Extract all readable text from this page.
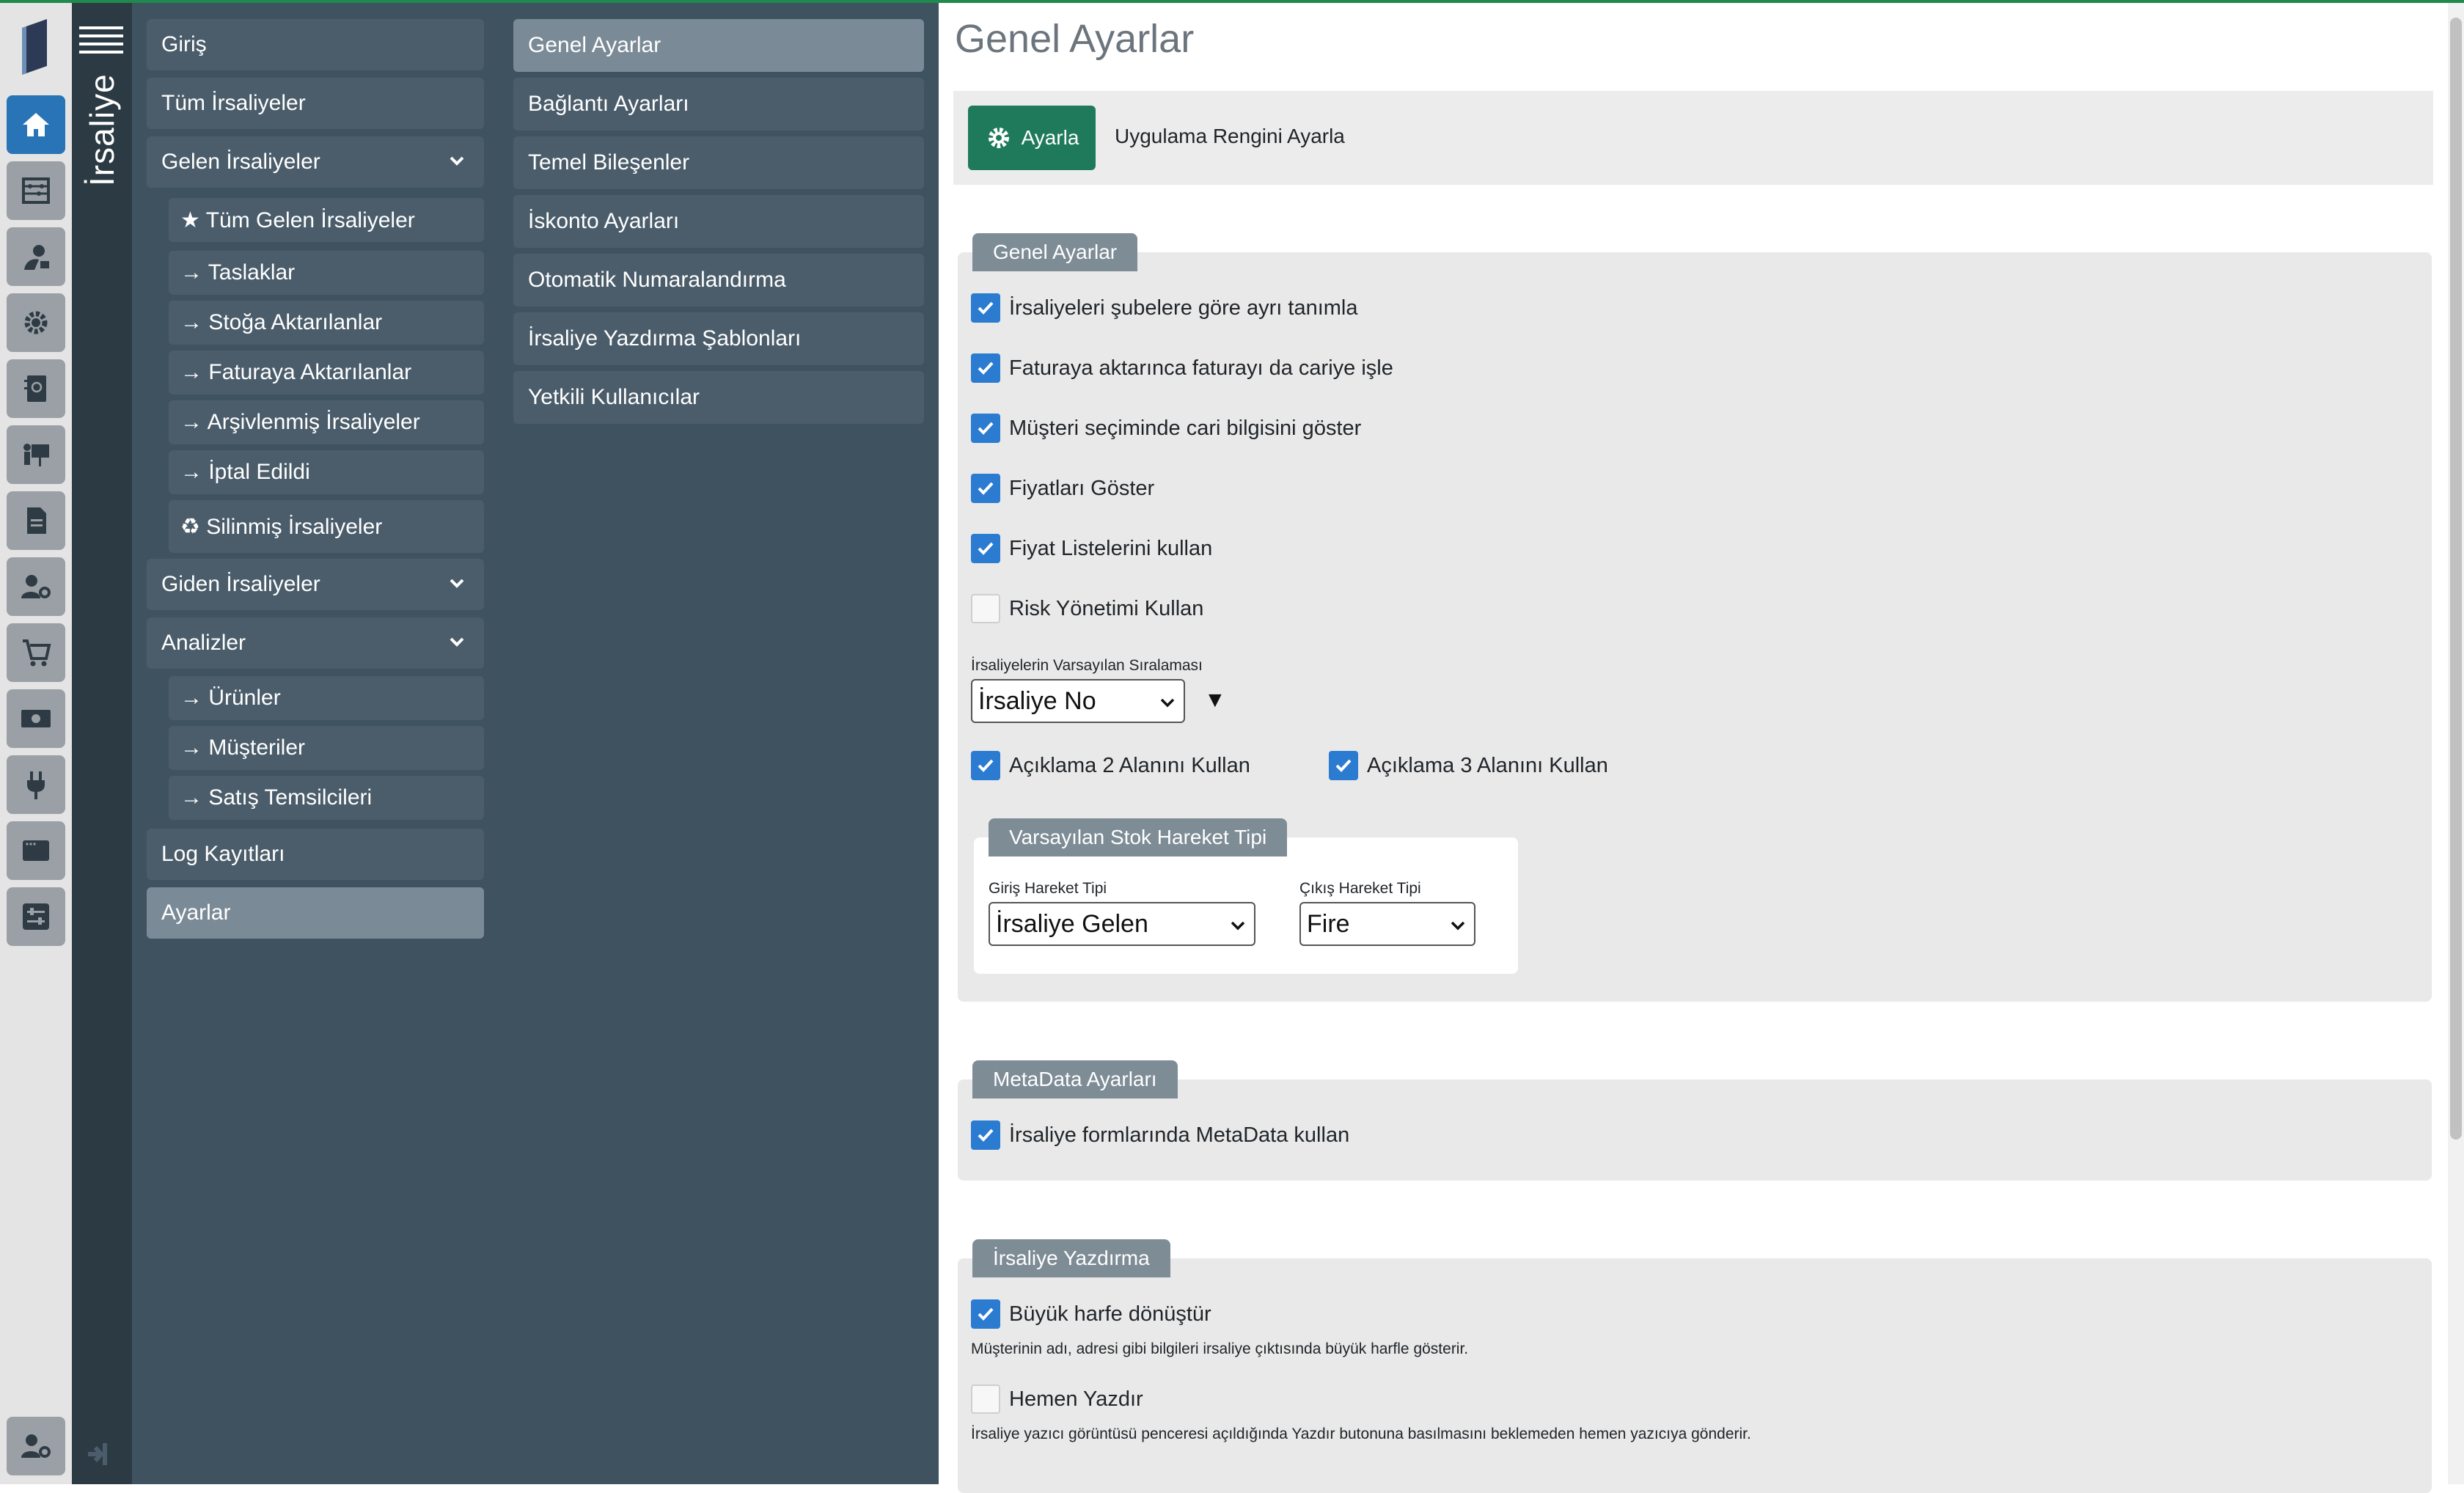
İrsaliye
Giriş
Tüm İrsaliyeler
Gelen İrsaliyeler
★ Tüm Gelen İrsaliyeler
→ Taslaklar
→ Stoğa Aktarılanlar
→ Faturaya Aktarılanlar
→ Arşivlenmiş İrsaliyeler
→ İptal Edildi
♻ Silinmiş İrsaliyeler
Giden İrsaliyeler
Analizler
→ Ürünler
→ Müşteriler
→ Satış Temsilcileri
Log Kayıtları
Ayarlar
Genel Ayarlar
Bağlantı Ayarları
Temel Bileşenler
İskonto Ayarları
Otomatik Numaralandırma
İrsaliye Yazdırma Şablonları
Yetkili Kullanıcılar
Genel Ayarlar
Ayarla Uygulama Rengini Ayarla
Genel Ayarlar
İrsaliyeleri şubelere göre ayrı tanımla
Faturaya aktarınca faturayı da cariye işle
Müşteri seçiminde cari bilgisini göster
Fiyatları Göster
Fiyat Listelerini kullan
Risk Yönetimi Kullan
İrsaliyelerin Varsayılan Sıralaması
İrsaliye No	▼
Açıklama 2 Alanını Kullan	Açıklama 3 Alanını Kullan
Varsayılan Stok Hareket Tipi
Giriş Hareket Tipi
İrsaliye Gelen
Çıkış Hareket Tipi
Fire
MetaData Ayarları
İrsaliye formlarında MetaData kullan
İrsaliye Yazdırma
Büyük harfe dönüştür
Müşterinin adı, adresi gibi bilgileri irsaliye çıktısında büyük harfle gösterir.
Hemen Yazdır
İrsaliye yazıcı görüntüsü penceresi açıldığında Yazdır butonuna basılmasını beklemeden hemen yazıcıya gönderir.
